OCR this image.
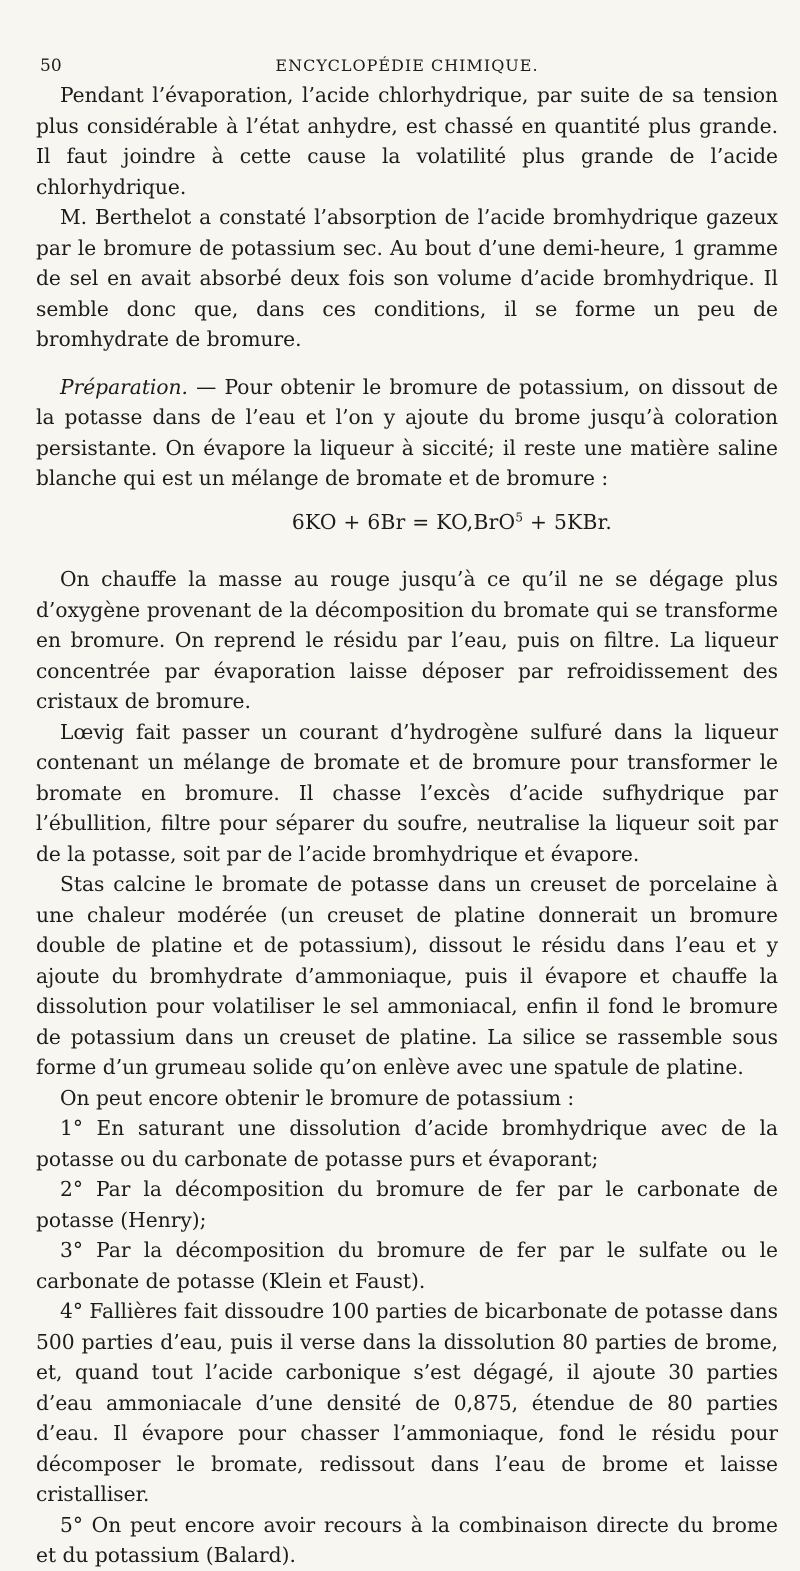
50	ENCYCLOPÉDIE CHIMIQUE.

Pendant l’évaporation, l’acide chlorhydrique, par suite de sa tension plus considérable à l’état anhydre, est chassé en quantité plus grande. Il faut joindre à cette cause la volatilité plus grande de l’acide chlorhydrique.

M. Berthelot a constaté l’absorption de l’acide bromhydrique gazeux par le bromure de potassium sec. Au bout d’une demi-heure, 1 gramme de sel en avait absorbé deux fois son volume d’acide bromhydrique. Il semble donc que, dans ces conditions, il se forme un peu de bromhydrate de bromure.

Préparation. — Pour obtenir le bromure de potassium, on dissout de la potasse dans de l’eau et l’on y ajoute du brome jusqu’à coloration persistante. On évapore la liqueur à siccité; il reste une matière saline blanche qui est un mélange de bromate et de bromure :

6KO + 6Br = KO,BrO$^5$ + 5KBr.

On chauffe la masse au rouge jusqu’à ce qu’il ne se dégage plus d’oxygène provenant de la décomposition du bromate qui se transforme en bromure. On reprend le résidu par l’eau, puis on filtre. La liqueur concentrée par évaporation laisse déposer par refroidissement des cristaux de bromure.

Lœvig fait passer un courant d’hydrogène sulfuré dans la liqueur contenant un mélange de bromate et de bromure pour transformer le bromate en bromure. Il chasse l’excès d’acide sufhydrique par l’ébullition, filtre pour séparer du soufre, neutralise la liqueur soit par de la potasse, soit par de l’acide bromhydrique et évapore.

Stas calcine le bromate de potasse dans un creuset de porcelaine à une chaleur modérée (un creuset de platine donnerait un bromure double de platine et de potassium), dissout le résidu dans l’eau et y ajoute du bromhydrate d’ammoniaque, puis il évapore et chauffe la dissolution pour volatiliser le sel ammoniacal, enfin il fond le bromure de potassium dans un creuset de platine. La silice se rassemble sous forme d’un grumeau solide qu’on enlève avec une spatule de platine.

On peut encore obtenir le bromure de potassium :

1° En saturant une dissolution d’acide bromhydrique avec de la potasse ou du carbonate de potasse purs et évaporant;

2° Par la décomposition du bromure de fer par le carbonate de potasse (Henry);

3° Par la décomposition du bromure de fer par le sulfate ou le carbonate de potasse (Klein et Faust).

4° Fallières fait dissoudre 100 parties de bicarbonate de potasse dans 500 parties d’eau, puis il verse dans la dissolution 80 parties de brome, et, quand tout l’acide carbonique s’est dégagé, il ajoute 30 parties d’eau ammoniacale d’une densité de 0,875, étendue de 80 parties d’eau. Il évapore pour chasser l’ammoniaque, fond le résidu pour décomposer le bromate, redissout dans l’eau de brome et laisse cristalliser.

5° On peut encore avoir recours à la combinaison directe du brome et du potassium (Balard).
